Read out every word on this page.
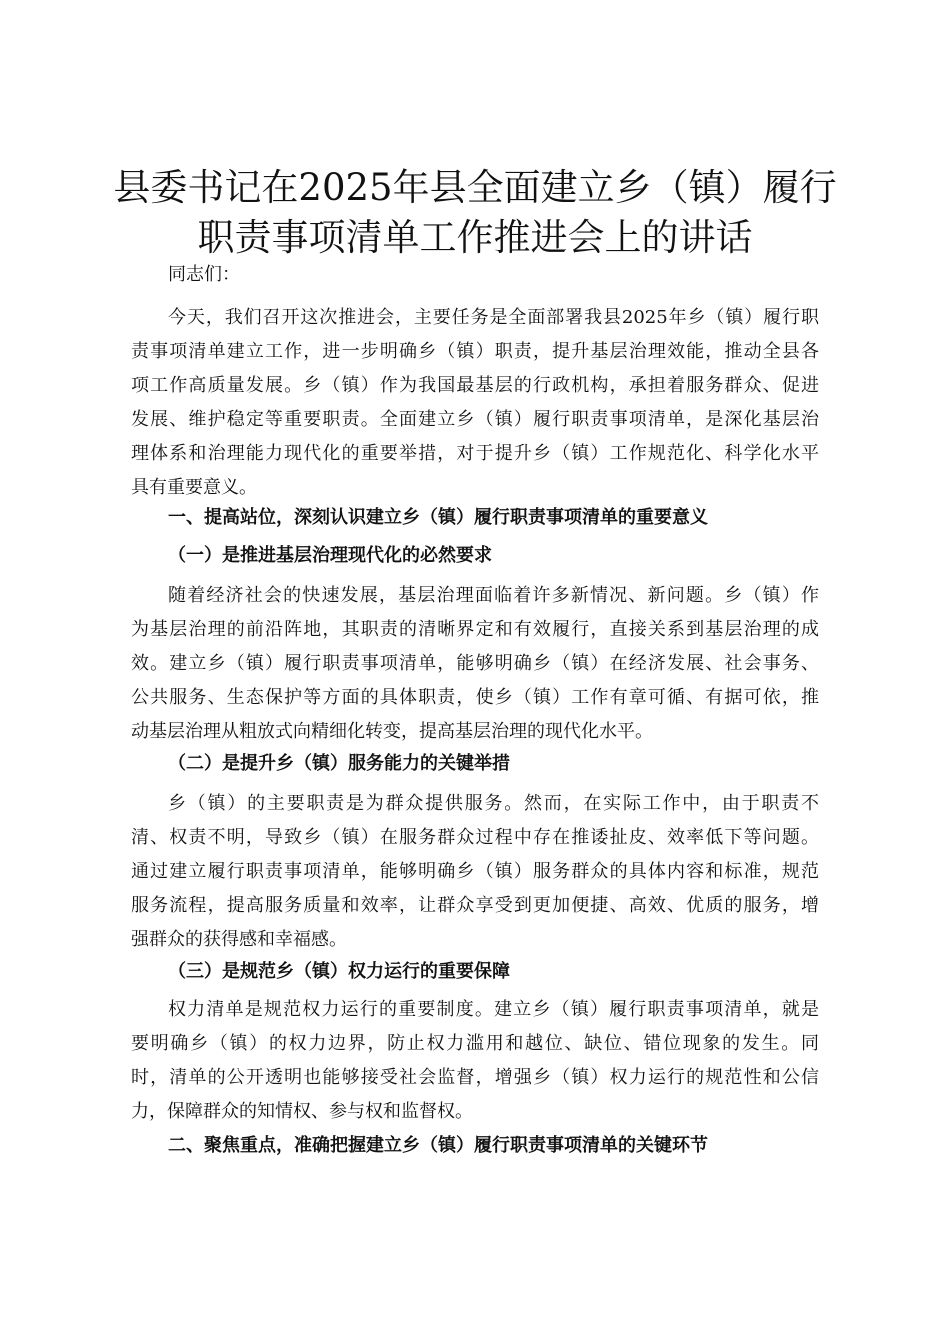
县委书记在2025年县全面建立乡（镇）履行
职责事项清单工作推进会上的讲话
同志们：
今天，我们召开这次推进会，主要任务是全面部署我县2025年乡（镇）履行职
责事项清单建立工作，进一步明确乡（镇）职责，提升基层治理效能，推动全县各
项工作高质量发展。乡（镇）作为我国最基层的行政机构，承担着服务群众、促进
发展、维护稳定等重要职责。全面建立乡（镇）履行职责事项清单，是深化基层治
理体系和治理能力现代化的重要举措，对于提升乡（镇）工作规范化、科学化水平
具有重要意义。
一、提高站位，深刻认识建立乡（镇）履行职责事项清单的重要意义
（一）是推进基层治理现代化的必然要求
随着经济社会的快速发展，基层治理面临着许多新情况、新问题。乡（镇）作
为基层治理的前沿阵地，其职责的清晰界定和有效履行，直接关系到基层治理的成
效。建立乡（镇）履行职责事项清单，能够明确乡（镇）在经济发展、社会事务、
公共服务、生态保护等方面的具体职责，使乡（镇）工作有章可循、有据可依，推
动基层治理从粗放式向精细化转变，提高基层治理的现代化水平。
（二）是提升乡（镇）服务能力的关键举措
乡（镇）的主要职责是为群众提供服务。然而，在实际工作中，由于职责不
清、权责不明，导致乡（镇）在服务群众过程中存在推诿扯皮、效率低下等问题。
通过建立履行职责事项清单，能够明确乡（镇）服务群众的具体内容和标准，规范
服务流程，提高服务质量和效率，让群众享受到更加便捷、高效、优质的服务，增
强群众的获得感和幸福感。
（三）是规范乡（镇）权力运行的重要保障
权力清单是规范权力运行的重要制度。建立乡（镇）履行职责事项清单，就是
要明确乡（镇）的权力边界，防止权力滥用和越位、缺位、错位现象的发生。同
时，清单的公开透明也能够接受社会监督，增强乡（镇）权力运行的规范性和公信
力，保障群众的知情权、参与权和监督权。
二、聚焦重点，准确把握建立乡（镇）履行职责事项清单的关键环节
